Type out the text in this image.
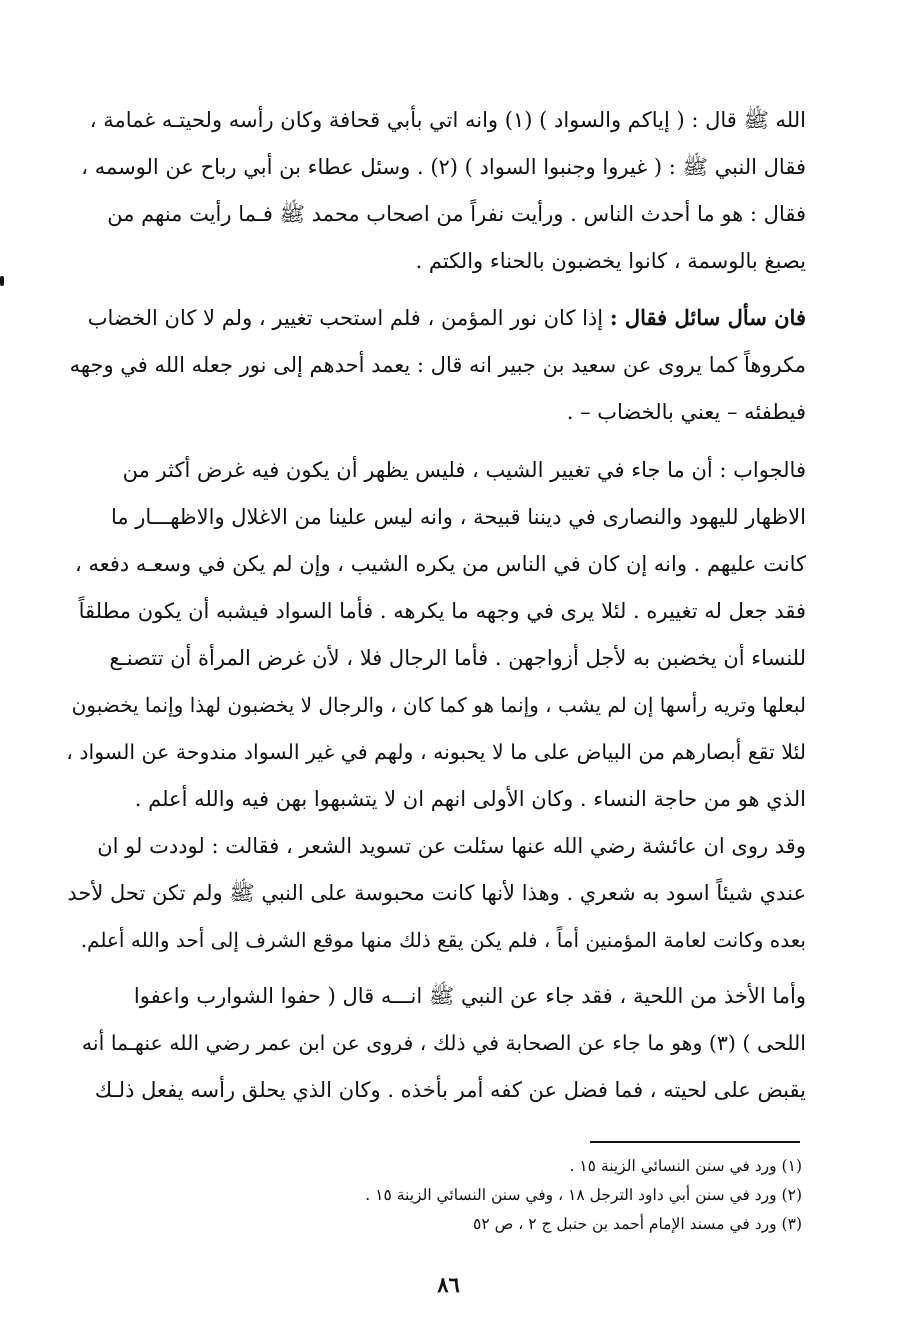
الله ﷺ قال : ( إياكم والسواد ) (١) وانه اتي بأبي قحافة وكان رأسه ولحيتـه غمامة ،
فقال النبي ﷺ : ( غيروا وجنبوا السواد ) (٢) . وسئل عطاء بن أبي رباح عن الوسمه ،
فقال : هو ما أحدث الناس . ورأيت نفراً من اصحاب محمد ﷺ فـما رأيت منهم من
يصبغ بالوسمة ، كانوا يخضبون بالحناء والكتم .
فان سأل سائل فقال : إذا كان نور المؤمن ، فلم استحب تغيير ، ولم لا كان الخضاب
مكروهاً كما يروى عن سعيد بن جبير انه قال : يعمد أحدهم إلى نور جعله الله في وجهه
فيطفئه – يعني بالخضاب – .
فالجواب : أن ما جاء في تغيير الشيب ، فليس يظهر أن يكون فيه غرض أكثر من
الاظهار لليهود والنصارى في ديننا قبيحة ، وانه ليس علينا من الاغلال والاظهـــار ما
كانت عليهم . وانه إن كان في الناس من يكره الشيب ، وإن لم يكن في وسعـه دفعه ،
فقد جعل له تغييره . لئلا يرى في وجهه ما يكرهه . فأما السواد فيشبه أن يكون مطلقاً
للنساء أن يخضبن به لأجل أزواجهن . فأما الرجال فلا ، لأن غرض المرأة أن تتصنـع
لبعلها وتريه رأسها إن لم يشب ، وإنما هو كما كان ، والرجال لا يخضبون لهذا وإنما يخضبون
لئلا تقع أبصارهم من البياض على ما لا يحبونه ، ولهم في غير السواد مندوحة عن السواد ،
الذي هو من حاجة النساء . وكان الأولى انهم ان لا يتشبهوا بهن فيه والله أعلم .
وقد روى ان عائشة رضي الله عنها سئلت عن تسويد الشعر ، فقالت : لوددت لو ان
عندي شيئاً اسود به شعري . وهذا لأنها كانت محبوسة على النبي ﷺ ولم تكن تحل لأحد
بعده وكانت لعامة المؤمنين أماً ، فلم يكن يقع ذلك منها موقع الشرف إلى أحد والله أعلم.
وأما الأخذ من اللحية ، فقد جاء عن النبي ﷺ انـــه قال ( حفوا الشوارب واعفوا
اللحى ) (٣) وهو ما جاء عن الصحابة في ذلك ، فروى عن ابن عمر رضي الله عنهـما أنه
يقبض على لحيته ، فما فضل عن كفه أمر بأخذه . وكان الذي يحلق رأسه يفعل ذلـك
(١) ورد في سنن النسائي الزينة ١٥ .
(٢) ورد في سنن أبي داود الترجل ١٨ ، وفي سنن النسائي الزينة ١٥ .
(٣) ورد في مسند الإمام أحمد بن حنبل ج ٢ ، ص ٥٢
٨٦
